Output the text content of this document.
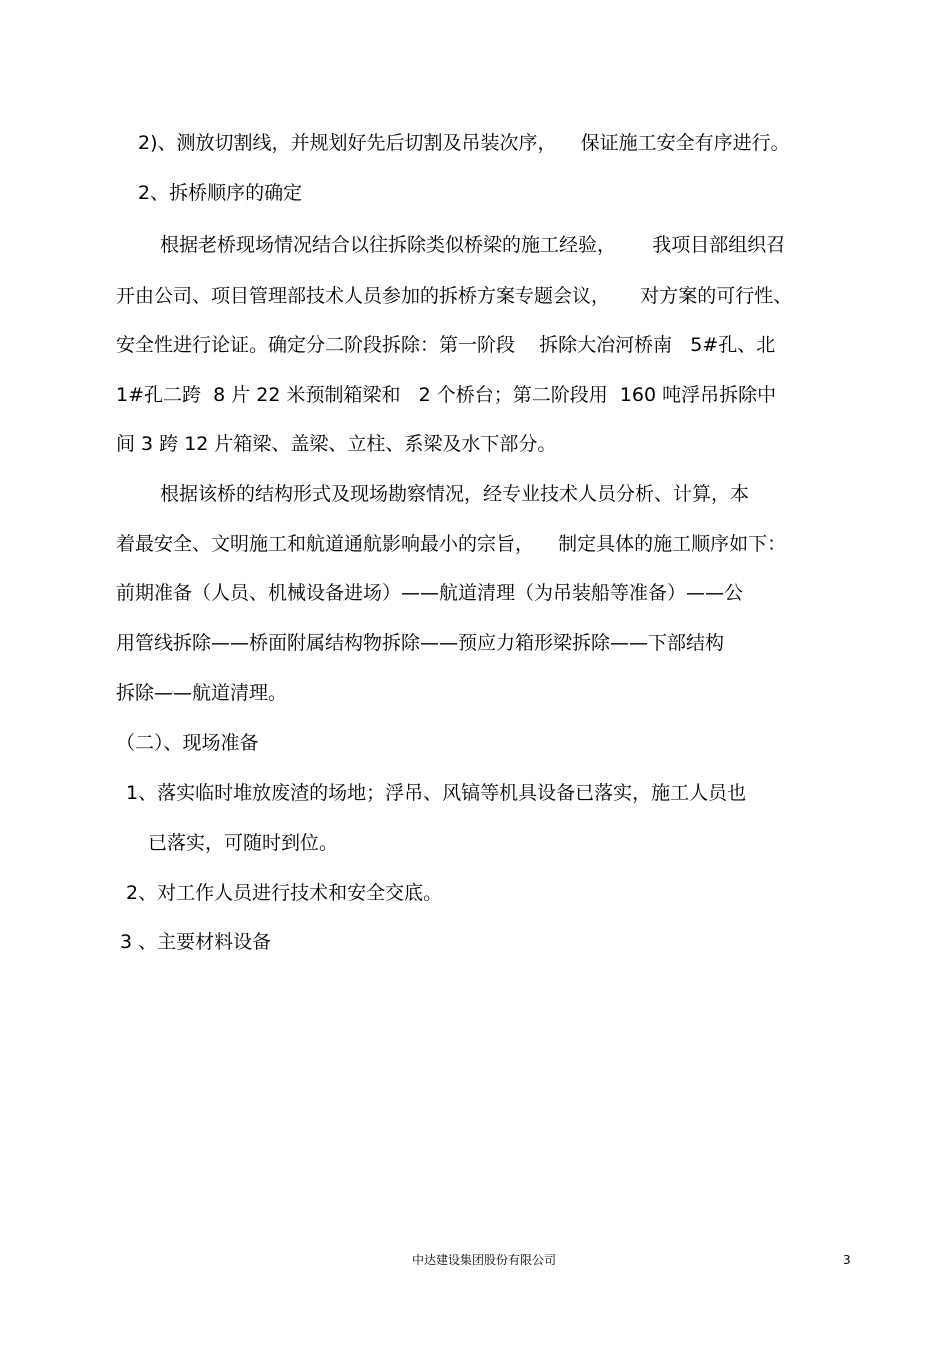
2)、测放切割线，并规划好先后切割及吊装次序，    保证施工安全有序进行。
2、拆桥顺序的确定
根据老桥现场情况结合以往拆除类似桥梁的施工经验，      我项目部组织召
开由公司、项目管理部技术人员参加的拆桥方案专题会议，     对方案的可行性、
安全性进行论证。确定分二阶段拆除：第一阶段    拆除大冶河桥南   5#孔、北
1#孔二跨  8 片 22 米预制箱梁和   2 个桥台；第二阶段用  160 吨浮吊拆除中
间 3 跨 12 片箱梁、盖梁、立柱、系梁及水下部分。
根据该桥的结构形式及现场勘察情况，经专业技术人员分析、计算，本
着最安全、文明施工和航道通航影响最小的宗旨，    制定具体的施工顺序如下：
前期准备（人员、机械设备进场）——航道清理（为吊装船等准备）——公
用管线拆除——桥面附属结构物拆除——预应力箱形梁拆除——下部结构
拆除——航道清理。
（二）、现场准备
1、落实临时堆放废渣的场地；浮吊、风镐等机具设备已落实，施工人员也
已落实，可随时到位。
2、对工作人员进行技术和安全交底。
3 、主要材料设备
中达建设集团股份有限公司	3
